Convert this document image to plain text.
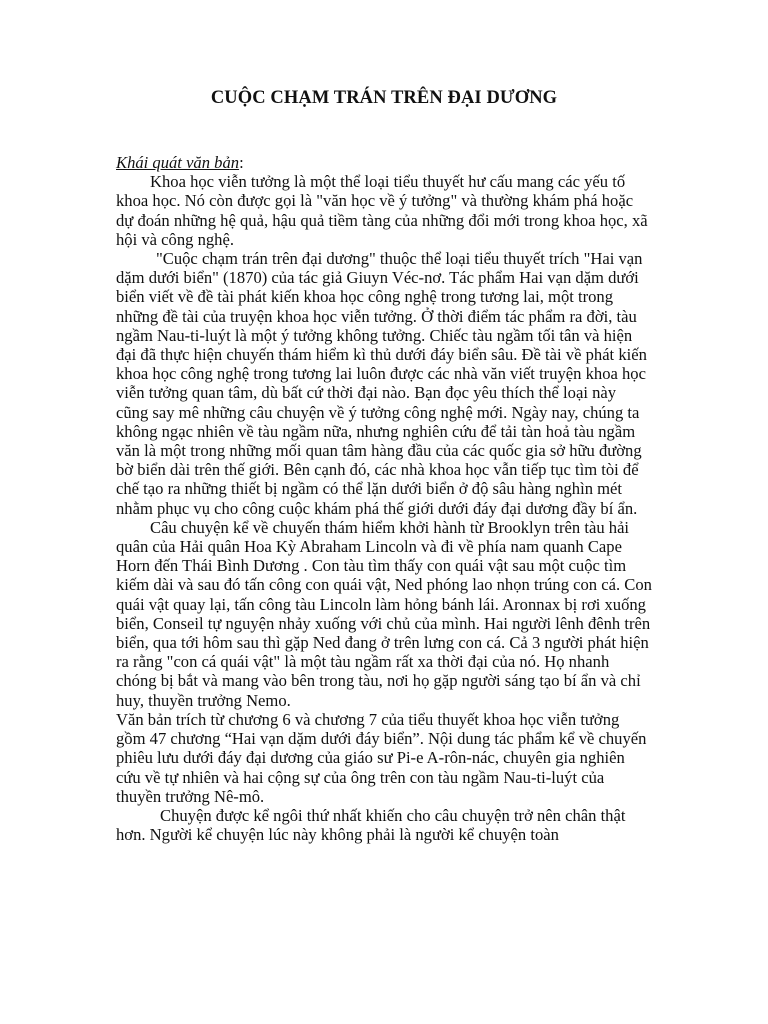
CUỘC CHẠM TRÁN TRÊN ĐẠI DƯƠNG

Khái quát văn bản:

Khoa học viễn tưởng là một thể loại tiểu thuyết hư cấu mang các yếu tố khoa học. Nó còn được gọi là "văn học về ý tưởng" và thường khám phá hoặc dự đoán những hệ quả, hậu quả tiềm tàng của những đổi mới trong khoa học, xã hội và công nghệ.

"Cuộc chạm trán trên đại dương" thuộc thể loại tiểu thuyết trích "Hai vạn dặm dưới biển" (1870) của tác giả Giuyn Véc-nơ. Tác phẩm Hai vạn dặm dưới biển viết về đề tài phát kiến khoa học công nghệ trong tương lai, một trong những đề tài của truyện khoa học viễn tưởng. Ở thời điểm tác phẩm ra đời, tàu ngầm Nau-ti-luýt là một ý tưởng không tưởng. Chiếc tàu ngầm tối tân và hiện đại đã thực hiện chuyến thám hiểm kì thủ dưới đáy biển sâu. Đề tài về phát kiến khoa học công nghệ trong tương lai luôn được các nhà văn viết truyện khoa học viễn tưởng quan tâm, dù bất cứ thời đại nào. Bạn đọc yêu thích thể loại này cũng say mê những câu chuyện về ý tưởng công nghệ mới. Ngày nay, chúng ta không ngạc nhiên về tàu ngầm nữa, nhưng nghiên cứu để tải tàn hoả tàu ngầm văn là một trong những mối quan tâm hàng đầu của các quốc gia sở hữu đường bờ biển dài trên thế giới. Bên cạnh đó, các nhà khoa học vẫn tiếp tục tìm tòi để chế tạo ra những thiết bị ngầm có thể lặn dưới biển ở độ sâu hàng nghìn mét nhằm phục vụ cho công cuộc khám phá thế giới dưới đáy đại dương đầy bí ẩn.

Câu chuyện kể về chuyến thám hiểm khởi hành từ Brooklyn trên tàu hải quân của Hải quân Hoa Kỳ Abraham Lincoln và đi về phía nam quanh Cape Horn đến Thái Bình Dương . Con tàu tìm thấy con quái vật sau một cuộc tìm kiếm dài và sau đó tấn công con quái vật, Ned phóng lao nhọn trúng con cá. Con quái vật quay lại, tấn công tàu Lincoln làm hỏng bánh lái. Aronnax bị rơi xuống biển, Conseil tự nguyện nhảy xuống với chủ của mình. Hai người lênh đênh trên biển, qua tới hôm sau thì gặp Ned đang ở trên lưng con cá. Cả 3 người phát hiện ra rằng "con cá quái vật" là một tàu ngầm rất xa thời đại của nó. Họ nhanh chóng bị bắt và mang vào bên trong tàu, nơi họ gặp người sáng tạo bí ẩn và chỉ huy, thuyền trưởng Nemo.

Văn bản trích từ chương 6 và chương 7 của tiểu thuyết khoa học viễn tưởng gồm 47 chương “Hai vạn dặm dưới đáy biển”. Nội dung tác phẩm kể về chuyến phiêu lưu dưới đáy đại dương của giáo sư Pi-e A-rôn-nác, chuyên gia nghiên cứu về tự nhiên và hai cộng sự của ông trên con tàu ngầm Nau-ti-luýt của thuyền trưởng Nê-mô.

Chuyện được kể ngôi thứ nhất khiến cho câu chuyện trở nên chân thật hơn. Người kể chuyện lúc này không phải là người kể chuyện toàn
